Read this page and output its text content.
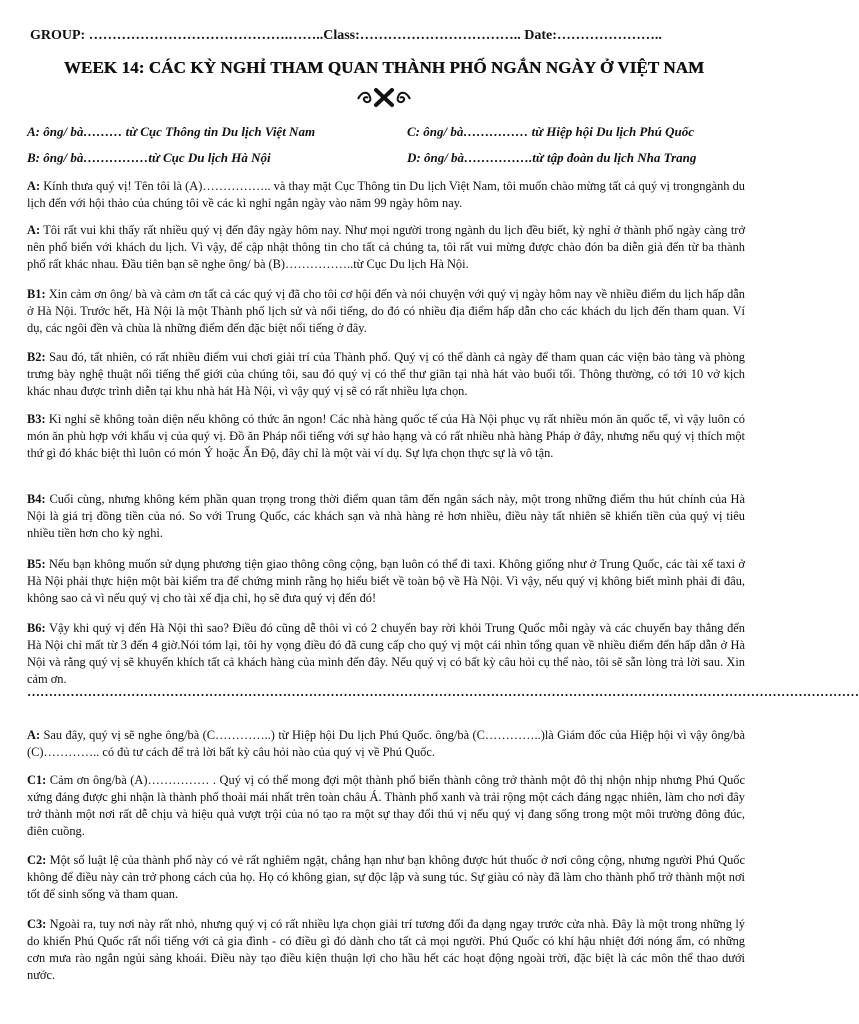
GROUP: …………………………………….……..Class:…………………………….. Date:…………………..
WEEK 14: CÁC KỲ NGHỈ THAM QUAN THÀNH PHỐ NGẮN NGÀY Ở VIỆT NAM
A: ông/ bà……… từ Cục Thông tin Du lịch Việt Nam	C: ông/ bà…………… từ Hiệp hội Du lịch Phú Quốc
B: ông/ bà……………từ Cục Du lịch Hà Nội	D: ông/ bà…………….từ tập đoàn du lịch Nha Trang
A: Kính thưa quý vị! Tên tôi là (A)…………….. và thay mặt Cục Thông tin Du lịch Việt Nam, tôi muốn chào mừng tất cả quý vị trongngành du lịch đến với hội thảo của chúng tôi về các kì nghỉ ngắn ngày vào năm 99 ngày hôm nay.
A: Tôi rất vui khi thấy rất nhiều quý vị đến đây ngày hôm nay. Như mọi người trong ngành du lịch đều biết, kỳ nghỉ ở thành phố ngày càng trở nên phổ biến với khách du lịch. Vì vậy, để cập nhật thông tin cho tất cả chúng ta, tôi rất vui mừng được chào đón ba diễn giả đến từ ba thành phố rất khác nhau. Đầu tiên bạn sẽ nghe ông/ bà (B)……………..từ Cục Du lịch Hà Nội.
B1: Xin cảm ơn ông/ bà và cảm ơn tất cả các quý vị đã cho tôi cơ hội đến và nói chuyện với quý vị ngày hôm nay về nhiều điểm du lịch hấp dẫn ở Hà Nội. Trước hết, Hà Nội là một Thành phố lịch sử và nổi tiếng, do đó có nhiều địa điểm hấp dẫn cho các khách du lịch đến tham quan. Ví dụ, các ngôi đền và chùa là những điểm đến đặc biệt nổi tiếng ở đây.
B2: Sau đó, tất nhiên, có rất nhiều điểm vui chơi giải trí của Thành phố. Quý vị có thể dành cả ngày để tham quan các viện bảo tàng và phòng trưng bày nghệ thuật nổi tiếng thế giới của chúng tôi, sau đó quý vị có thể thư giãn tại nhà hát vào buổi tối. Thông thường, có tới 10 vở kịch khác nhau được trình diễn tại khu nhà hát Hà Nội, vì vậy quý vị sẽ có rất nhiều lựa chọn.
B3: Kì nghỉ sẽ không toàn diện nếu không có thức ăn ngon! Các nhà hàng quốc tế của Hà Nội phục vụ rất nhiều món ăn quốc tế, vì vậy luôn có món ăn phù hợp với khẩu vị của quý vị. Đồ ăn Pháp nổi tiếng với sự hảo hạng và có rất nhiều nhà hàng Pháp ở đây, nhưng nếu quý vị thích một thứ gì đó khác biệt thì luôn có món Ý hoặc Ấn Độ, đây chỉ là một vài ví dụ. Sự lựa chọn thực sự là vô tận.
B4: Cuối cùng, nhưng không kém phần quan trọng trong thời điểm quan tâm đến ngân sách này, một trong những điểm thu hút chính của Hà Nội là giá trị đồng tiền của nó. So với Trung Quốc, các khách sạn và nhà hàng rẻ hơn nhiều, điều này tất nhiên sẽ khiến tiền của quý vị tiêu nhiều tiền hơn cho kỳ nghỉ.
B5: Nếu bạn không muốn sử dụng phương tiện giao thông công cộng, bạn luôn có thể đi taxi. Không giống như ở Trung Quốc, các tài xế taxi ở Hà Nội phải thực hiện một bài kiểm tra để chứng minh rằng họ hiểu biết về toàn bộ về Hà Nội. Vì vậy, nếu quý vị không biết mình phải đi đâu, không sao cả vì nếu quý vị cho tài xế địa chỉ, họ sẽ đưa quý vị đến đó!
B6: Vậy khi quý vị đến Hà Nội thì sao? Điều đó cũng dễ thôi vì có 2 chuyến bay rời khỏi Trung Quốc mỗi ngày và các chuyến bay thẳng đến Hà Nội chỉ mất từ 3 đến 4 giờ.Nói tóm lại, tôi hy vọng điều đó đã cung cấp cho quý vị một cái nhìn tổng quan về nhiều điểm đến hấp dẫn ở Hà Nội và rằng quý vị sẽ khuyến khích tất cả khách hàng của mình đến đây. Nếu quý vị có bất kỳ câu hỏi cụ thể nào, tôi sẽ sẵn lòng trả lời sau. Xin cảm ơn.
…………………………………………………………………………………………………………………………………………………………………………
A: Sau đây, quý vị sẽ nghe ông/bà (C…………..) từ Hiệp hội Du lịch Phú Quốc. ông/bà (C…………..)là Giám đốc của Hiệp hội vì vậy ông/bà (C)………….. có đủ tư cách để trả lời bất kỳ câu hỏi nào của quý vị về Phú Quốc.
C1: Cảm ơn ông/bà (A)…………… . Quý vị có thể mong đợi một thành phố biển thành công trở thành một đô thị nhộn nhịp nhưng Phú Quốc xứng đáng được ghi nhận là thành phố thoải mái nhất trên toàn châu Á. Thành phố xanh và trải rộng một cách đáng ngạc nhiên, làm cho nơi đây trở thành một nơi rất dễ chịu và hiệu quả vượt trội của nó tạo ra một sự thay đổi thú vị nếu quý vị đang sống trong một môi trường đông đúc, điên cuồng.
C2: Một số luật lệ của thành phố này có vẻ rất nghiêm ngặt, chẳng hạn như bạn không được hút thuốc ở nơi công cộng, nhưng người Phú Quốc không để điều này cản trở phong cách của họ. Họ có không gian, sự độc lập và sung túc. Sự giàu có này đã làm cho thành phố trở thành một nơi tốt để sinh sống và tham quan.
C3: Ngoài ra, tuy nơi này rất nhỏ, nhưng quý vị có rất nhiều lựa chọn giải trí tương đối đa dạng ngay trước cửa nhà. Đây là một trong những lý do khiến Phú Quốc rất nổi tiếng với cả gia đình - có điều gì đó dành cho tất cả mọi người. Phú Quốc có khí hậu nhiệt đới nóng ẩm, có những cơn mưa rào ngắn ngủi sảng khoái. Điều này tạo điều kiện thuận lợi cho hầu hết các hoạt động ngoài trời, đặc biệt là các môn thể thao dưới nước.
